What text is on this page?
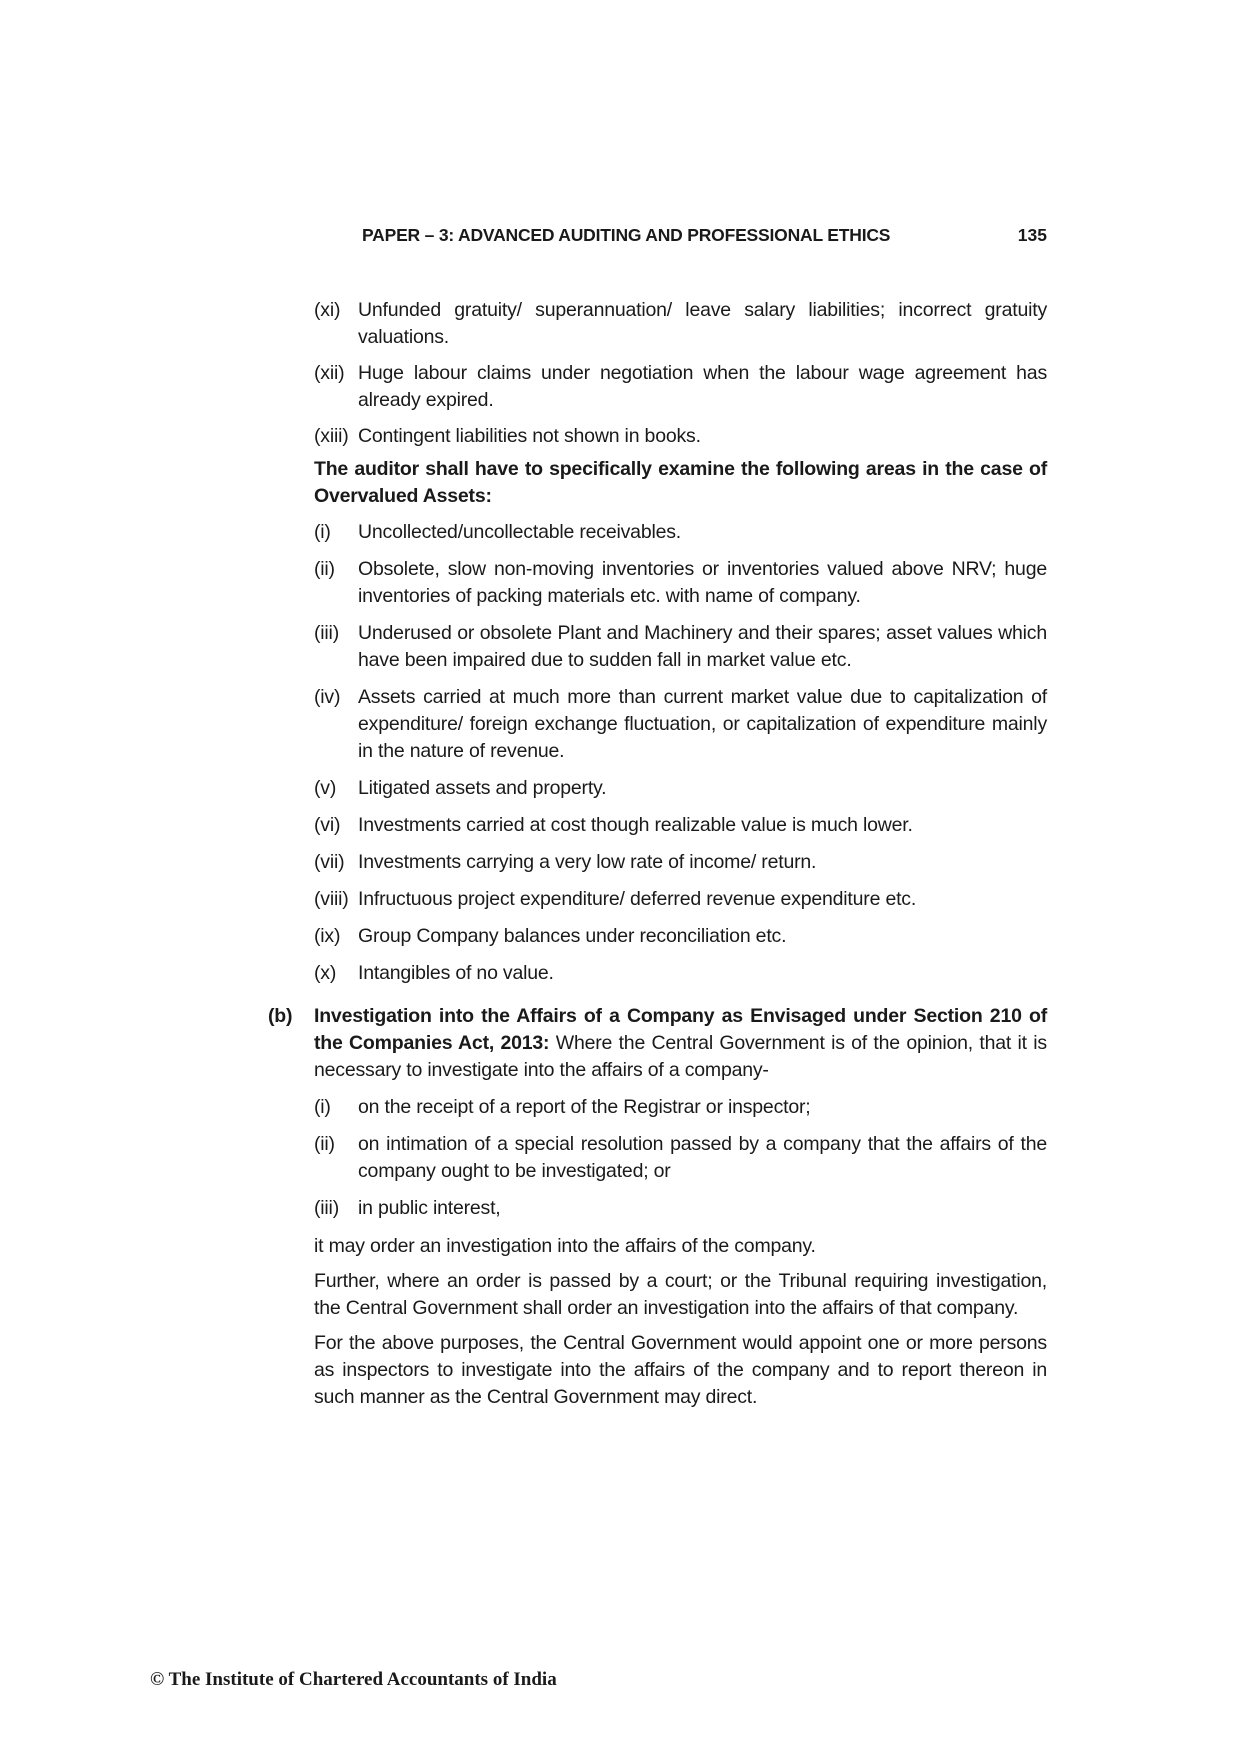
PAPER – 3: ADVANCED AUDITING AND PROFESSIONAL ETHICS	135
(xi) Unfunded gratuity/ superannuation/ leave salary liabilities; incorrect gratuity valuations.
(xii) Huge labour claims under negotiation when the labour wage agreement has already expired.
(xiii) Contingent liabilities not shown in books.
The auditor shall have to specifically examine the following areas in the case of Overvalued Assets:
(i) Uncollected/uncollectable receivables.
(ii) Obsolete, slow non-moving inventories or inventories valued above NRV; huge inventories of packing materials etc. with name of company.
(iii) Underused or obsolete Plant and Machinery and their spares; asset values which have been impaired due to sudden fall in market value etc.
(iv) Assets carried at much more than current market value due to capitalization of expenditure/ foreign exchange fluctuation, or capitalization of expenditure mainly in the nature of revenue.
(v) Litigated assets and property.
(vi) Investments carried at cost though realizable value is much lower.
(vii) Investments carrying a very low rate of income/ return.
(viii) Infructuous project expenditure/ deferred revenue expenditure etc.
(ix) Group Company balances under reconciliation etc.
(x) Intangibles of no value.
(b) Investigation into the Affairs of a Company as Envisaged under Section 210 of the Companies Act, 2013: Where the Central Government is of the opinion, that it is necessary to investigate into the affairs of a company-
(i) on the receipt of a report of the Registrar or inspector;
(ii) on intimation of a special resolution passed by a company that the affairs of the company ought to be investigated; or
(iii) in public interest,

it may order an investigation into the affairs of the company.

Further, where an order is passed by a court; or the Tribunal requiring investigation, the Central Government shall order an investigation into the affairs of that company.

For the above purposes, the Central Government would appoint one or more persons as inspectors to investigate into the affairs of the company and to report thereon in such manner as the Central Government may direct.

© The Institute of Chartered Accountants of India
